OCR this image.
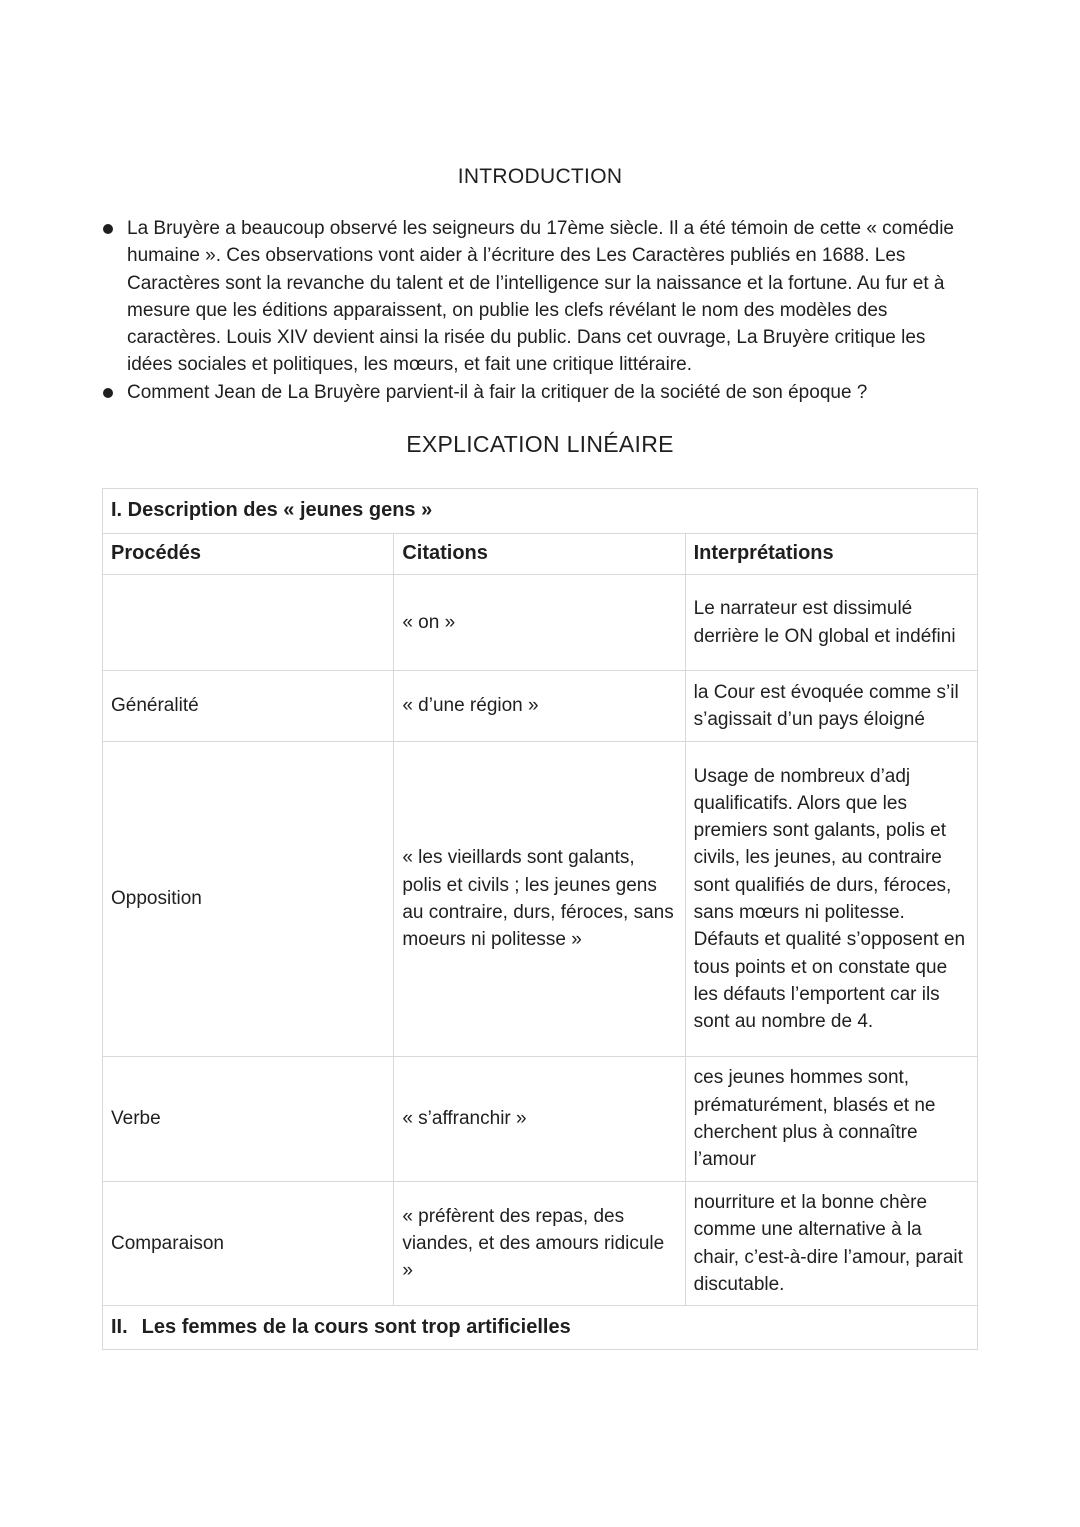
INTRODUCTION
La Bruyère a beaucoup observé les seigneurs du 17ème siècle. Il a été témoin de cette « comédie humaine ». Ces observations vont aider à l’écriture des Les Caractères publiés en 1688. Les Caractères sont la revanche du talent et de l’intelligence sur la naissance et la fortune. Au fur et à mesure que les éditions apparaissent, on publie les clefs révélant le nom des modèles des caractères. Louis XIV devient ainsi la risée du public. Dans cet ouvrage, La Bruyère critique les idées sociales et politiques, les mœurs, et fait une critique littéraire.
Comment Jean de La Bruyère parvient-il à fair la critiquer de la société de son époque ?
EXPLICATION LINÉAIRE
I. Description des « jeunes gens »		
Procédés	Citations	Interprétations
	« on »	Le narrateur est dissimulé derrière le ON global et indéfini
Généralité	« d’une région »	la Cour est évoquée comme s’il s’agissait d’un pays éloigné
Opposition	« les vieillards sont galants, polis et civils ; les jeunes gens au contraire, durs, féroces, sans moeurs ni politesse »	Usage de nombreux d’adj qualificatifs. Alors que les premiers sont galants, polis et civils, les jeunes, au contraire sont qualifiés de durs, féroces, sans mœurs ni politesse. Défauts et qualité s’opposent en tous points et on constate que les défauts l’emportent car ils sont au nombre de 4.
Verbe	« s’affranchir »	ces jeunes hommes sont, prématurément, blasés et ne cherchent plus à connaître l’amour
Comparaison	« préfèrent des repas, des viandes, et des amours ridicule »	nourriture et la bonne chère comme une alternative à la chair, c’est-à-dire l’amour, parait discutable.
II. Les femmes de la cours sont trop artificielles		
